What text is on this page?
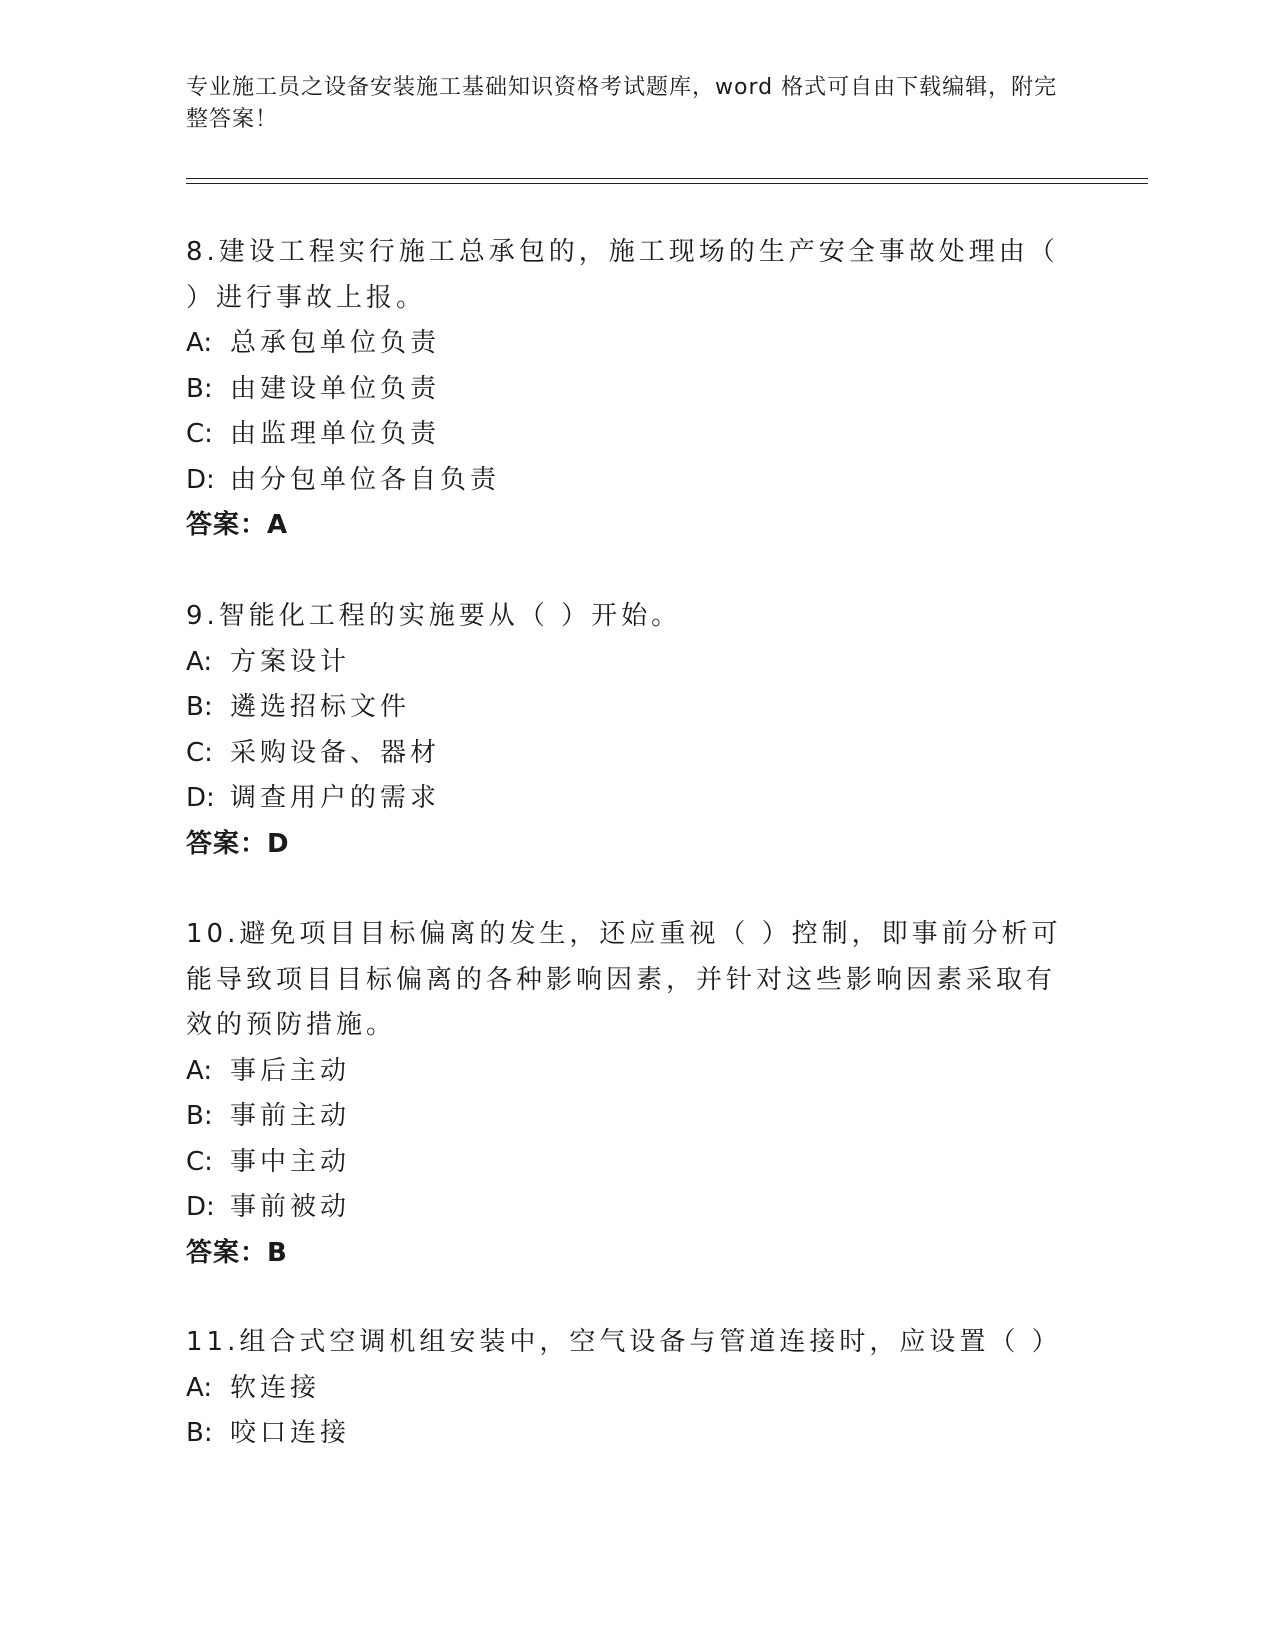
专业施工员之设备安装施工基础知识资格考试题库，word 格式可自由下载编辑，附完整答案！

8.建设工程实行施工总承包的，施工现场的生产安全事故处理由（ ）进行事故上报。

A: 总承包单位负责

B: 由建设单位负责

C: 由监理单位负责

D: 由分包单位各自负责

答案：A

9.智能化工程的实施要从（ ）开始。

A: 方案设计

B: 遴选招标文件

C: 采购设备、器材

D: 调查用户的需求

答案：D

10.避免项目目标偏离的发生，还应重视（ ）控制，即事前分析可能导致项目目标偏离的各种影响因素，并针对这些影响因素采取有效的预防措施。

A: 事后主动

B: 事前主动

C: 事中主动

D: 事前被动

答案：B

11.组合式空调机组安装中，空气设备与管道连接时，应设置（ ）

A: 软连接

B: 咬口连接
